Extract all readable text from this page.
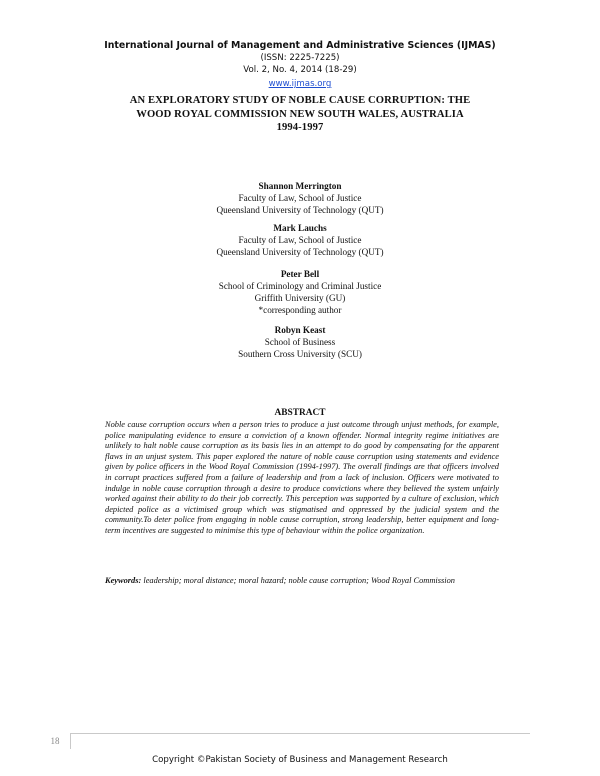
International Journal of Management and Administrative Sciences (IJMAS)
(ISSN: 2225-7225)
Vol. 2, No. 4, 2014 (18-29)
www.ijmas.org
AN EXPLORATORY STUDY OF NOBLE CAUSE CORRUPTION: THE
WOOD ROYAL COMMISSION NEW SOUTH WALES, AUSTRALIA
1994-1997
Shannon Merrington
Faculty of Law, School of Justice
Queensland University of Technology (QUT)
Mark Lauchs
Faculty of Law, School of Justice
Queensland University of Technology (QUT)
Peter Bell
School of Criminology and Criminal Justice
Griffith University (GU)
*corresponding author
Robyn Keast
School of Business
Southern Cross University (SCU)
ABSTRACT
Noble cause corruption occurs when a person tries to produce a just outcome through unjust methods, for example, police manipulating evidence to ensure a conviction of a known offender. Normal integrity regime initiatives are unlikely to halt noble cause corruption as its basis lies in an attempt to do good by compensating for the apparent flaws in an unjust system. This paper explored the nature of noble cause corruption using statements and evidence given by police officers in the Wood Royal Commission (1994-1997). The overall findings are that officers involved in corrupt practices suffered from a failure of leadership and from a lack of inclusion. Officers were motivated to indulge in noble cause corruption through a desire to produce convictions where they believed the system unfairly worked against their ability to do their job correctly. This perception was supported by a culture of exclusion, which depicted police as a victimised group which was stigmatised and oppressed by the judicial system and the community.To deter police from engaging in noble cause corruption, strong leadership, better equipment and long-term incentives are suggested to minimise this type of behaviour within the police organization.
Keywords: leadership; moral distance; moral hazard; noble cause corruption; Wood Royal Commission
18
Copyright ©Pakistan Society of Business and Management Research
